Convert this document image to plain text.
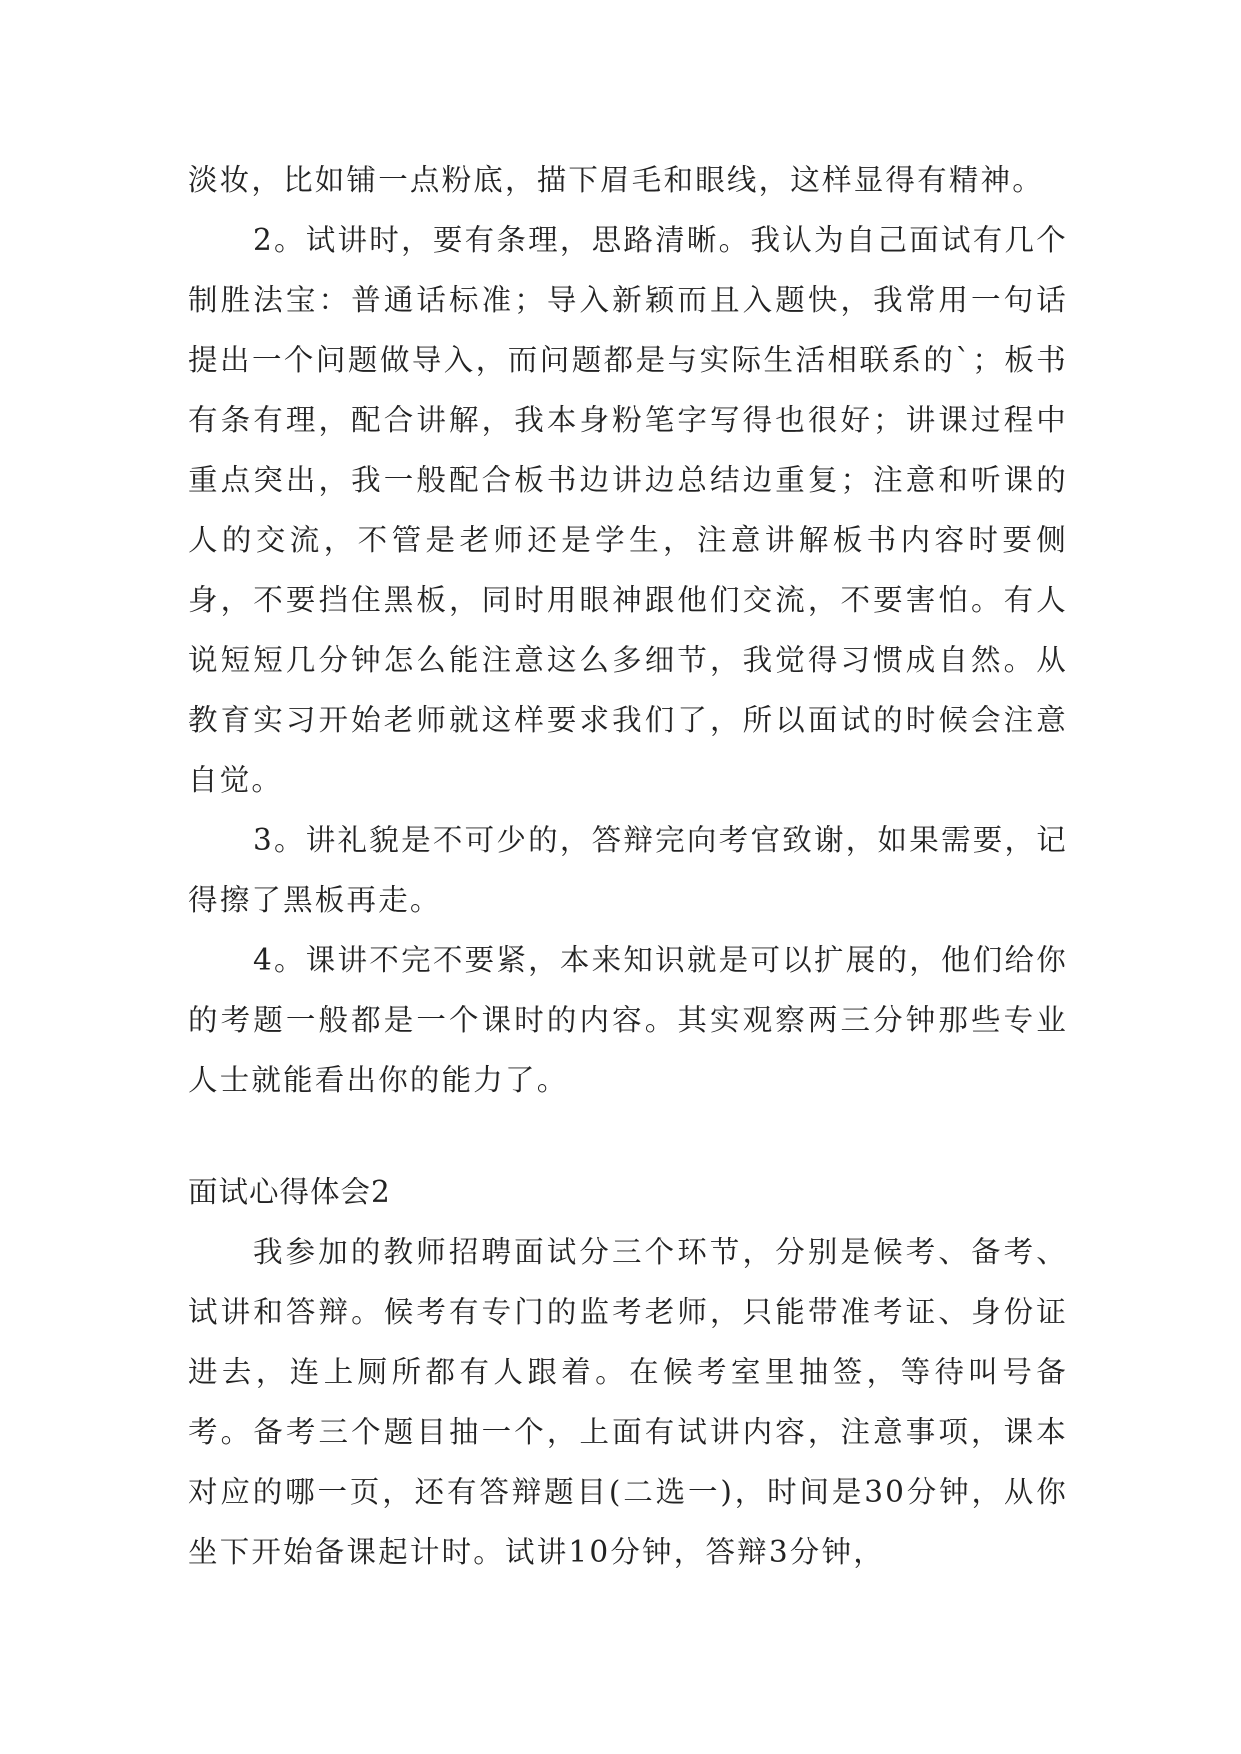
淡妆，比如铺一点粉底，描下眉毛和眼线，这样显得有精神。

2。试讲时，要有条理，思路清晰。我认为自己面试有几个制胜法宝：普通话标准；导入新颖而且入题快，我常用一句话提出一个问题做导入，而问题都是与实际生活相联系的`；板书有条有理，配合讲解，我本身粉笔字写得也很好；讲课过程中重点突出，我一般配合板书边讲边总结边重复；注意和听课的人的交流，不管是老师还是学生，注意讲解板书内容时要侧身，不要挡住黑板，同时用眼神跟他们交流，不要害怕。有人说短短几分钟怎么能注意这么多细节，我觉得习惯成自然。从教育实习开始老师就这样要求我们了，所以面试的时候会注意自觉。

3。讲礼貌是不可少的，答辩完向考官致谢，如果需要，记得擦了黑板再走。

4。课讲不完不要紧，本来知识就是可以扩展的，他们给你的考题一般都是一个课时的内容。其实观察两三分钟那些专业人士就能看出你的能力了。

面试心得体会2

我参加的教师招聘面试分三个环节，分别是候考、备考、试讲和答辩。候考有专门的监考老师，只能带准考证、身份证进去，连上厕所都有人跟着。在候考室里抽签，等待叫号备考。备考三个题目抽一个，上面有试讲内容，注意事项，课本对应的哪一页，还有答辩题目(二选一)，时间是30分钟，从你坐下开始备课起计时。试讲10分钟，答辩3分钟，
